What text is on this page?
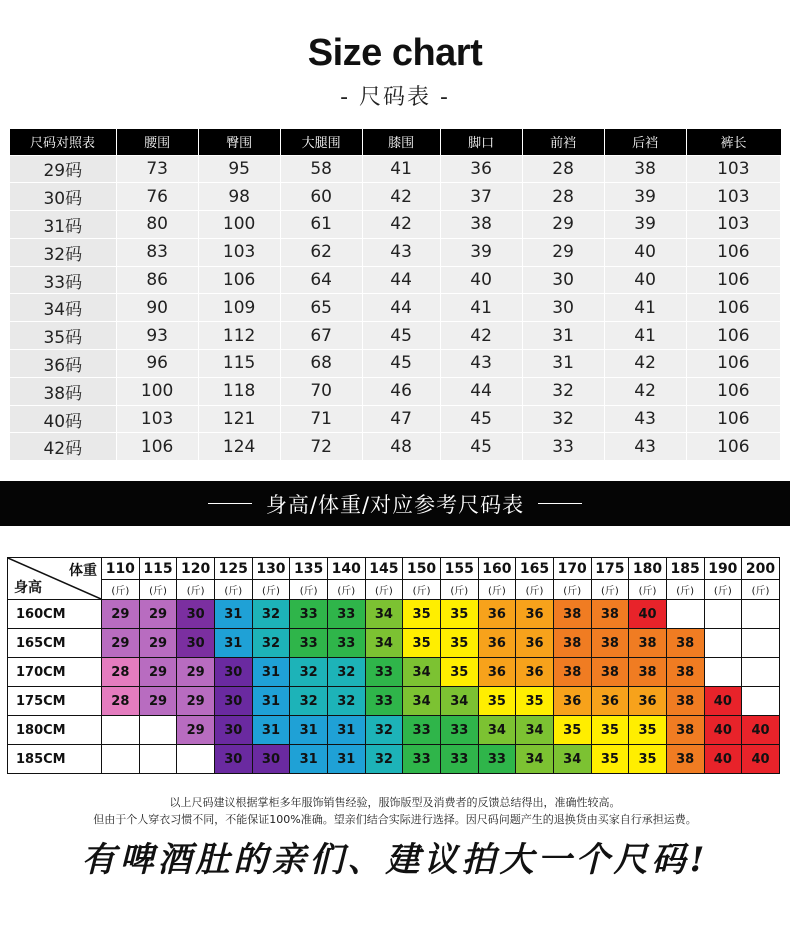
Size chart
- 尺码表 -
尺码对照表	腰围	臀围	大腿围	膝围	脚口	前裆	后裆	裤长
29码	73	95	58	41	36	28	38	103
30码	76	98	60	42	37	28	39	103
31码	80	100	61	42	38	29	39	103
32码	83	103	62	43	39	29	40	106
33码	86	106	64	44	40	30	40	106
34码	90	109	65	44	41	30	41	106
35码	93	112	67	45	42	31	41	106
36码	96	115	68	45	43	31	42	106
38码	100	118	70	46	44	32	42	106
40码	103	121	71	47	45	32	43	106
42码	106	124	72	48	45	33	43	106
身高/体重/对应参考尺码表
体重
身高	110	115	120	125	130	135	140	145	150	155	160	165	170	175	180	185	190	200
	(斤)	(斤)	(斤)	(斤)	(斤)	(斤)	(斤)	(斤)	(斤)	(斤)	(斤)	(斤)	(斤)	(斤)	(斤)	(斤)	(斤)	(斤)
160CM	29	29	30	31	32	33	33	34	35	35	36	36	38	38	40			
165CM	29	29	30	31	32	33	33	34	35	35	36	36	38	38	38	38		
170CM	28	29	29	30	31	32	32	33	34	35	36	36	38	38	38	38		
175CM	28	29	29	30	31	32	32	33	34	34	35	35	36	36	36	38	40	
180CM			29	30	31	31	31	32	33	33	34	34	35	35	35	38	40	40
185CM				30	30	31	31	32	33	33	33	34	34	35	35	38	40	40
以上尺码建议根据掌柜多年服饰销售经验，服饰版型及消费者的反馈总结得出，准确性较高。
但由于个人穿衣习惯不同，不能保证100%准确。望亲们结合实际进行选择。因尺码问题产生的退换货由买家自行承担运费。
有啤酒肚的亲们、建议拍大一个尺码!
